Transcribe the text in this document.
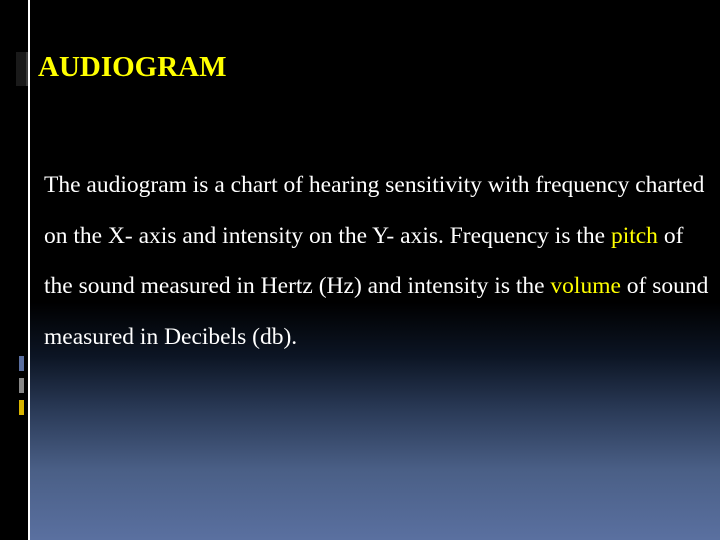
AUDIOGRAM

The audiogram is a chart of hearing sensitivity with frequency charted on the X- axis and intensity on the Y- axis. Frequency is the pitch of the sound measured in Hertz (Hz) and intensity is the volume of sound measured in Decibels (db).
